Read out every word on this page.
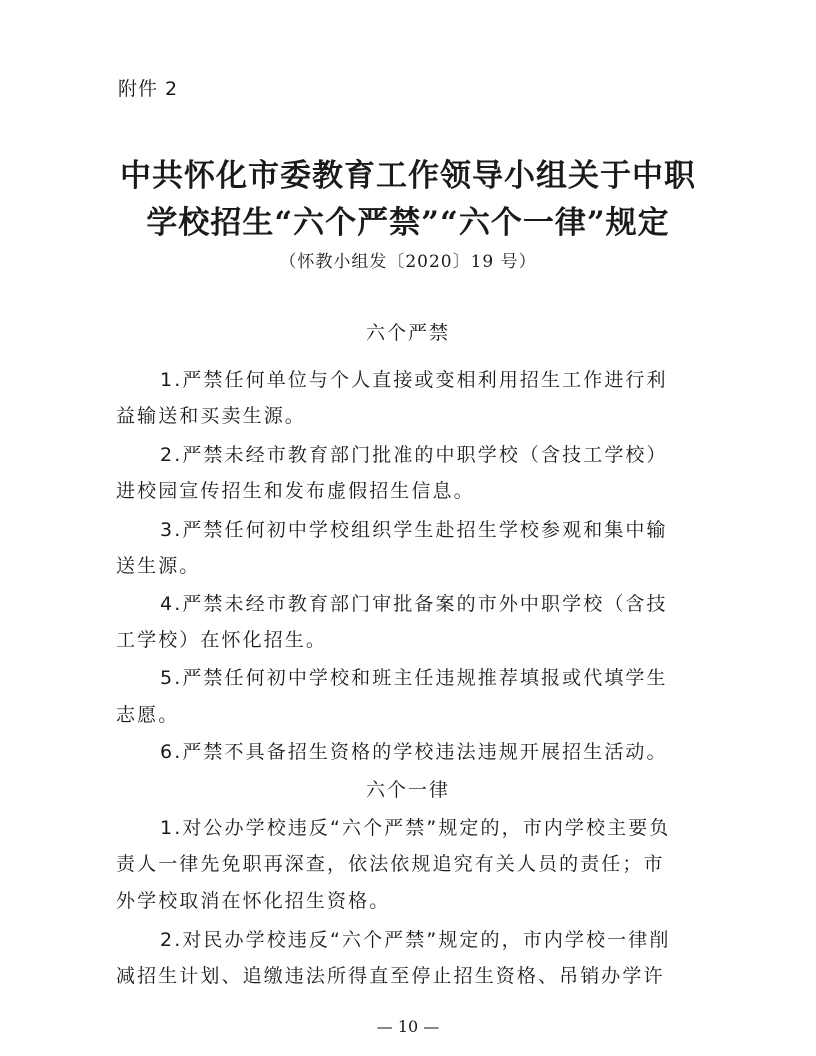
附件 2
中共怀化市委教育工作领导小组关于中职
学校招生“六个严禁”“六个一律”规定
（怀教小组发〔2020〕19 号）
六个严禁
1.严禁任何单位与个人直接或变相利用招生工作进行利
益输送和买卖生源。
2.严禁未经市教育部门批准的中职学校（含技工学校）
进校园宣传招生和发布虚假招生信息。
3.严禁任何初中学校组织学生赴招生学校参观和集中输
送生源。
4.严禁未经市教育部门审批备案的市外中职学校（含技
工学校）在怀化招生。
5.严禁任何初中学校和班主任违规推荐填报或代填学生
志愿。
6.严禁不具备招生资格的学校违法违规开展招生活动。
六个一律
1.对公办学校违反“六个严禁”规定的，市内学校主要负
责人一律先免职再深查，依法依规追究有关人员的责任；市
外学校取消在怀化招生资格。
2.对民办学校违反“六个严禁”规定的，市内学校一律削
减招生计划、追缴违法所得直至停止招生资格、吊销办学许
— 10 —
